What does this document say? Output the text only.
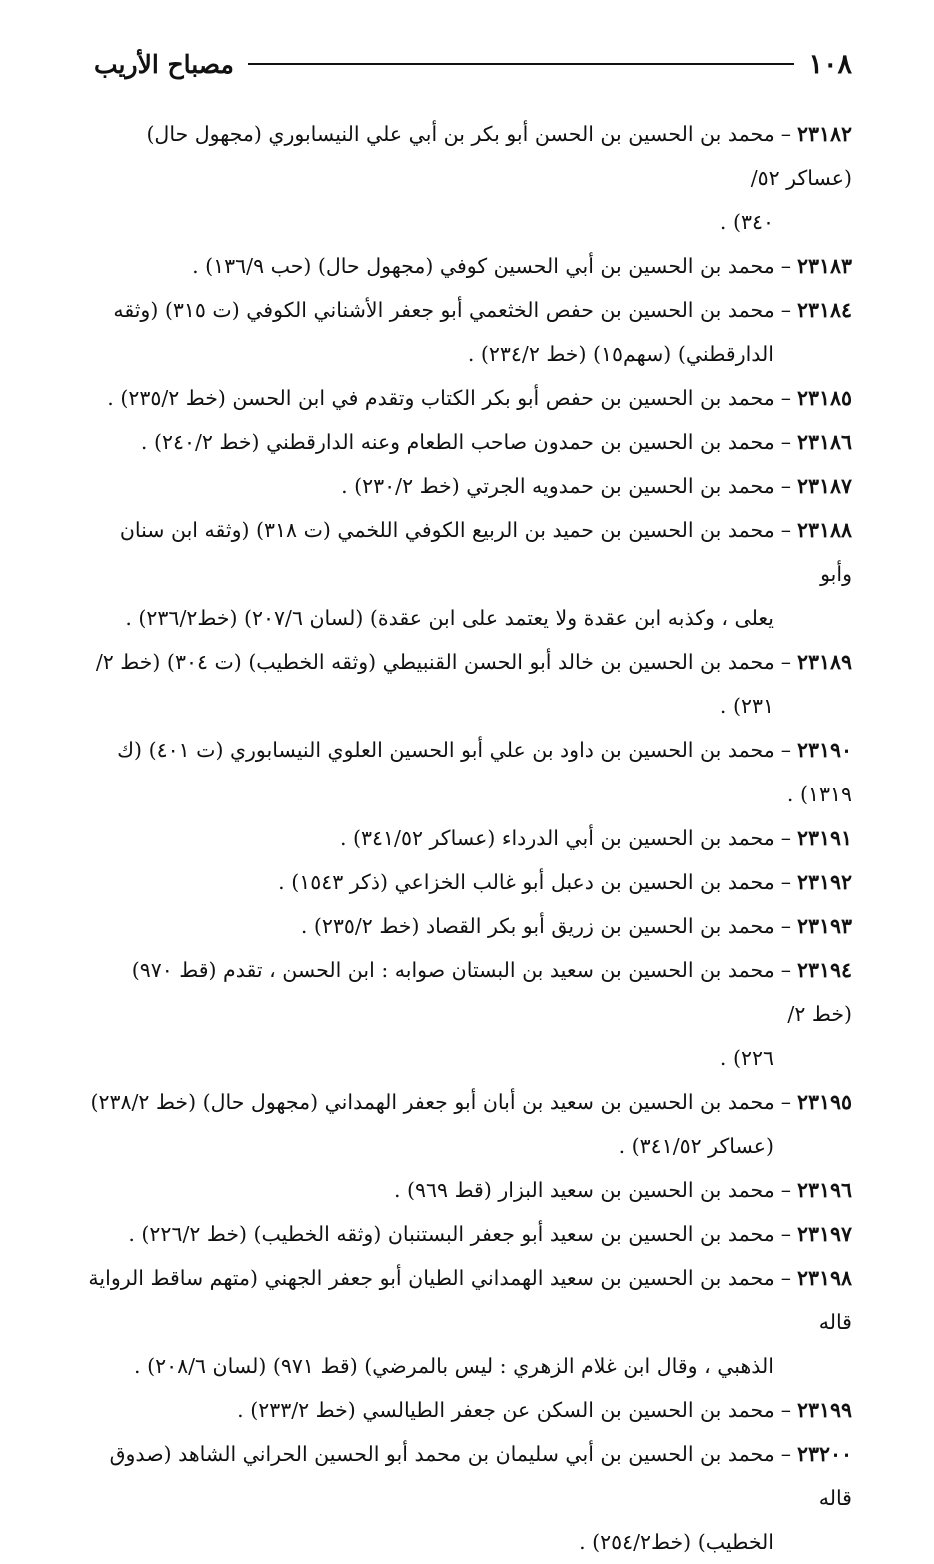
١٠٨
مصباح الأريب

٢٣١٨٢–محمد بن الحسين بن الحسن أبو بكر بن أبي علي النيسابوري (مجهول حال) (عساكر ٥٢/
٣٤٠) .

٢٣١٨٣–محمد بن الحسين بن أبي الحسين كوفي (مجهول حال) (حب ١٣٦/٩) .

٢٣١٨٤–محمد بن الحسين بن حفص الخثعمي أبو جعفر الأشناني الكوفي (ت ٣١٥) (وثقه
الدارقطني) (سهم١٥) (خط ٢٣٤/٢) .

٢٣١٨٥–محمد بن الحسين بن حفص أبو بكر الكتاب وتقدم في ابن الحسن (خط ٢٣٥/٢) .

٢٣١٨٦–محمد بن الحسين بن حمدون صاحب الطعام وعنه الدارقطني (خط ٢٤٠/٢) .

٢٣١٨٧–محمد بن الحسين بن حمدويه الجرتي (خط ٢٣٠/٢) .

٢٣١٨٨–محمد بن الحسين بن حميد بن الربيع الكوفي اللخمي (ت ٣١٨) (وثقه ابن سنان وأبو
يعلى ، وكذبه ابن عقدة ولا يعتمد على ابن عقدة) (لسان ٢٠٧/٦) (خط٢٣٦/٢) .

٢٣١٨٩–محمد بن الحسين بن خالد أبو الحسن القنبيطي (وثقه الخطيب) (ت ٣٠٤) (خط ٢/
٢٣١) .

٢٣١٩٠–محمد بن الحسين بن داود بن علي أبو الحسين العلوي النيسابوري (ت ٤٠١) (ك ١٣١٩) .

٢٣١٩١–محمد بن الحسين بن أبي الدرداء (عساكر ٣٤١/٥٢) .

٢٣١٩٢–محمد بن الحسين بن دعبل أبو غالب الخزاعي (ذكر ١٥٤٣) .

٢٣١٩٣–محمد بن الحسين بن زريق أبو بكر القصاد (خط ٢٣٥/٢) .

٢٣١٩٤–محمد بن الحسين بن سعيد بن البستان صوابه : ابن الحسن ، تقدم (قط ٩٧٠) (خط ٢/
٢٢٦) .

٢٣١٩٥–محمد بن الحسين بن سعيد بن أبان أبو جعفر الهمداني (مجهول حال) (خط ٢٣٨/٢)
(عساكر ٣٤١/٥٢) .

٢٣١٩٦–محمد بن الحسين بن سعيد البزار (قط ٩٦٩) .

٢٣١٩٧–محمد بن الحسين بن سعيد أبو جعفر البستنبان (وثقه الخطيب) (خط ٢٢٦/٢) .

٢٣١٩٨–محمد بن الحسين بن سعيد الهمداني الطيان أبو جعفر الجهني (متهم ساقط الرواية قاله
الذهبي ، وقال ابن غلام الزهري : ليس بالمرضي) (قط ٩٧١) (لسان ٢٠٨/٦) .

٢٣١٩٩–محمد بن الحسين بن السكن عن جعفر الطيالسي (خط ٢٣٣/٢) .

٢٣٢٠٠–محمد بن الحسين بن أبي سليمان بن محمد أبو الحسين الحراني الشاهد (صدوق قاله
الخطيب) (خط٢٥٤/٢) .
